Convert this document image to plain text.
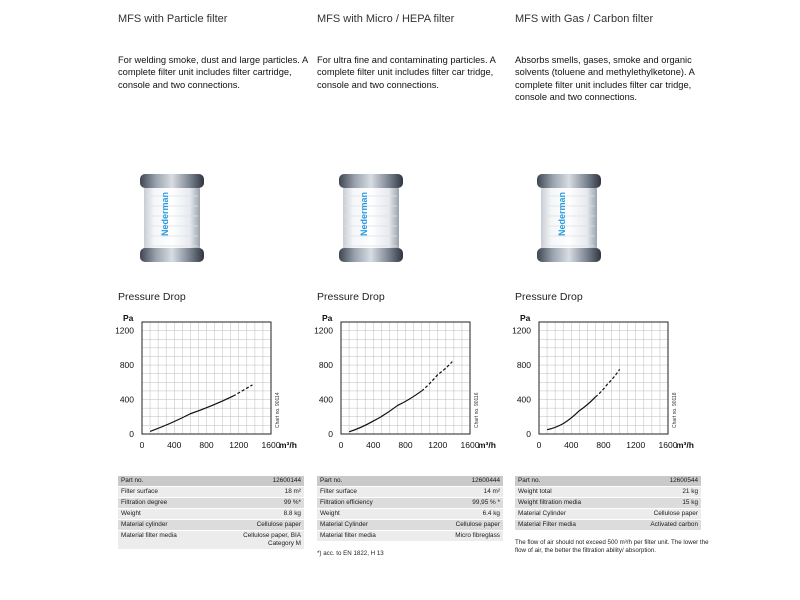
MFS with Particle filter
For welding smoke, dust and large particles. A complete filter unit includes filter cartridge, console and two connections.
Nederman
Pressure Drop
0	400 800 1200 1600
0
400
800
1200
Pa
m³/h
Chart no. 90114
Part no.	12600144
Filter surface	18 m²
Filtration degree	99 %*
Weight	8.8 kg
Material cylinder	Cellulose paper
Material filter media	Cellulose paper, BIA Category M
MFS with Micro / HEPA filter
For ultra fine and contaminating particles. A complete filter unit includes filter car tridge, console and two connections.
Nederman
Pressure Drop
0	400 800 1200 1600
0
400
800
1200
Pa
m³/h
Chart no. 90116
Part no.	12600444
Filter surface	14 m²
Filtration efficiency	99,95 % *
Weight	6.4 kg
Material Cylinder	Cellulose paper
Material filter media	Micro fibreglass
*) acc. to EN 1822, H 13
MFS with Gas / Carbon filter
Absorbs smells, gases, smoke and organic solvents (toluene and methylethylketone). A complete filter unit includes filter car tridge, console and two connections.
Nederman
Pressure Drop
0	400 800 1200 1600
0
400
800
1200
Pa
m³/h
Chart no. 90118
Part no.	12600544
Weight total	21 kg
Weight filtration media	15 kg
Material Cylinder	Cellulose paper
Material Filter media	Activated carbon
The flow of air should not exceed 500 m³/h per filter unit. The lower the flow of air, the better the filtration ability/ absorption.
